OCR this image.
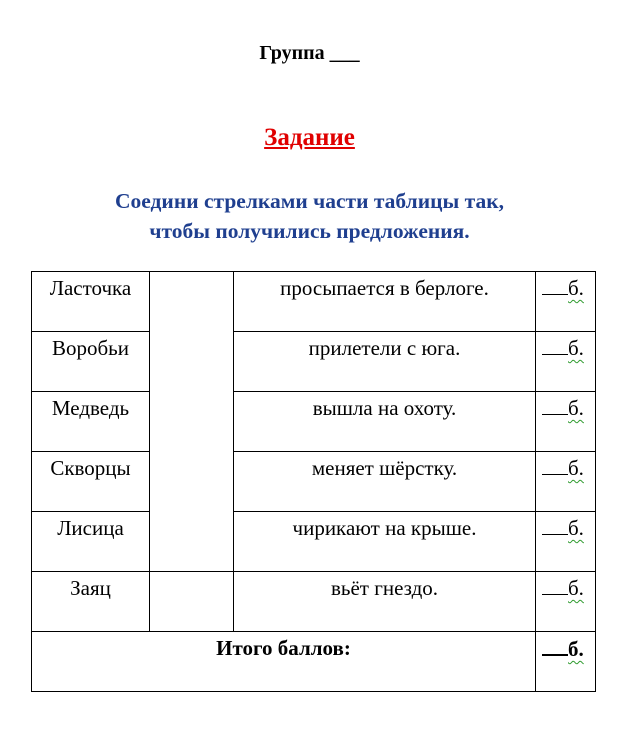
Группа ___
Задание
Соедини стрелками части таблицы так,
чтобы получились предложения.
Ласточка		просыпается в берлоге.	б.
Воробьи		прилетели с юга.	б.
Медведь		вышла на охоту.	б.
Скворцы		меняет шёрстку.	б.
Лисица		чирикают на крыше.	б.
Заяц		вьёт гнездо.	б.
Итого баллов:			б.
